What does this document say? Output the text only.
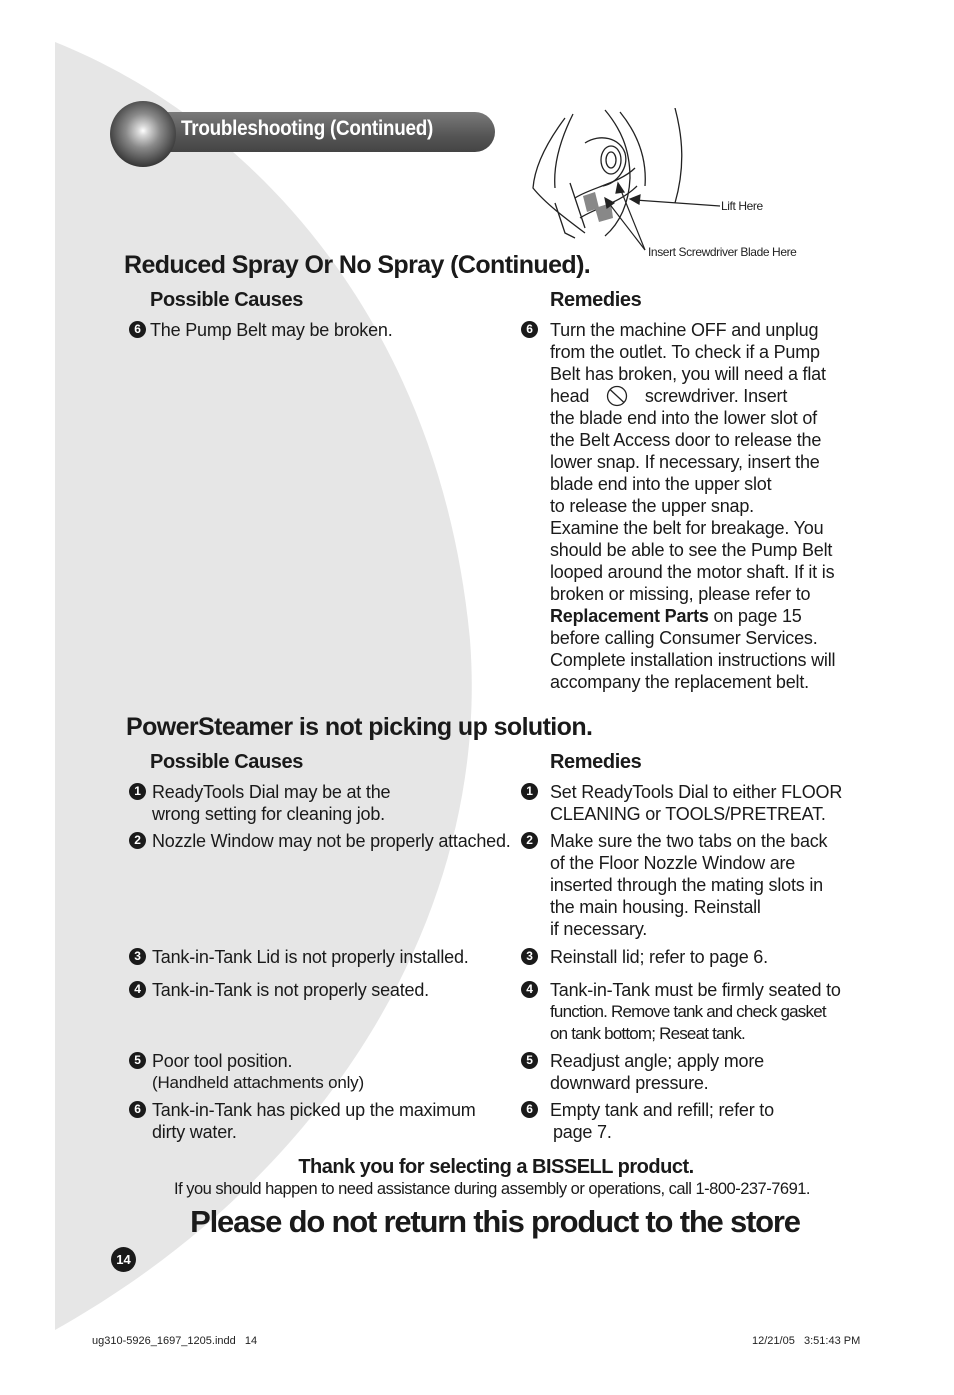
Troubleshooting (Continued)
Lift Here
Insert Screwdriver Blade Here
Reduced Spray Or No Spray (Continued).
Possible Causes	Remedies
6 The Pump Belt may be broken.	6 Turn the machine OFF and unplug
from the outlet. To check if a Pump
Belt has broken, you will need a flat
head	screwdriver. Insert
the blade end into the lower slot of
the Belt Access door to release the
lower snap. If necessary, insert the
blade end into the upper slot
to release the upper snap.
Examine the belt for breakage. You
should be able to see the Pump Belt
looped around the motor shaft. If it is
broken or missing, please refer to
Replacement Parts on page 15
before calling Consumer Services.
Complete installation instructions will
accompany the replacement belt.
PowerSteamer is not picking up solution.
Possible Causes	Remedies
1 ReadyTools Dial may be at the
wrong setting for cleaning job.
1 Set ReadyTools Dial to either FLOOR
CLEANING or TOOLS/PRETREAT.
2 Nozzle Window may not be properly attached.	2 Make sure the two tabs on the back
of the Floor Nozzle Window are
inserted through the mating slots in
the main housing. Reinstall
if necessary.
3 Tank-in-Tank Lid is not properly installed.	3 Reinstall lid; refer to page 6.
4 Tank-in-Tank is not properly seated.	4 Tank-in-Tank must be firmly seated to
function. Remove tank and check gasket
on tank bottom; Reseat tank.
5 Poor tool position.
(Handheld attachments only)
5 Readjust angle; apply more
downward pressure.
6 Tank-in-Tank has picked up the maximum
dirty water.
6 Empty tank and refill; refer to
page 7.
Thank you for selecting a BISSELL product.
If you should happen to need assistance during assembly or operations, call 1-800-237-7691.
Please do not return this product to the store
14
ug310-5926_1697_1205.indd   14	12/21/05   3:51:43 PM
